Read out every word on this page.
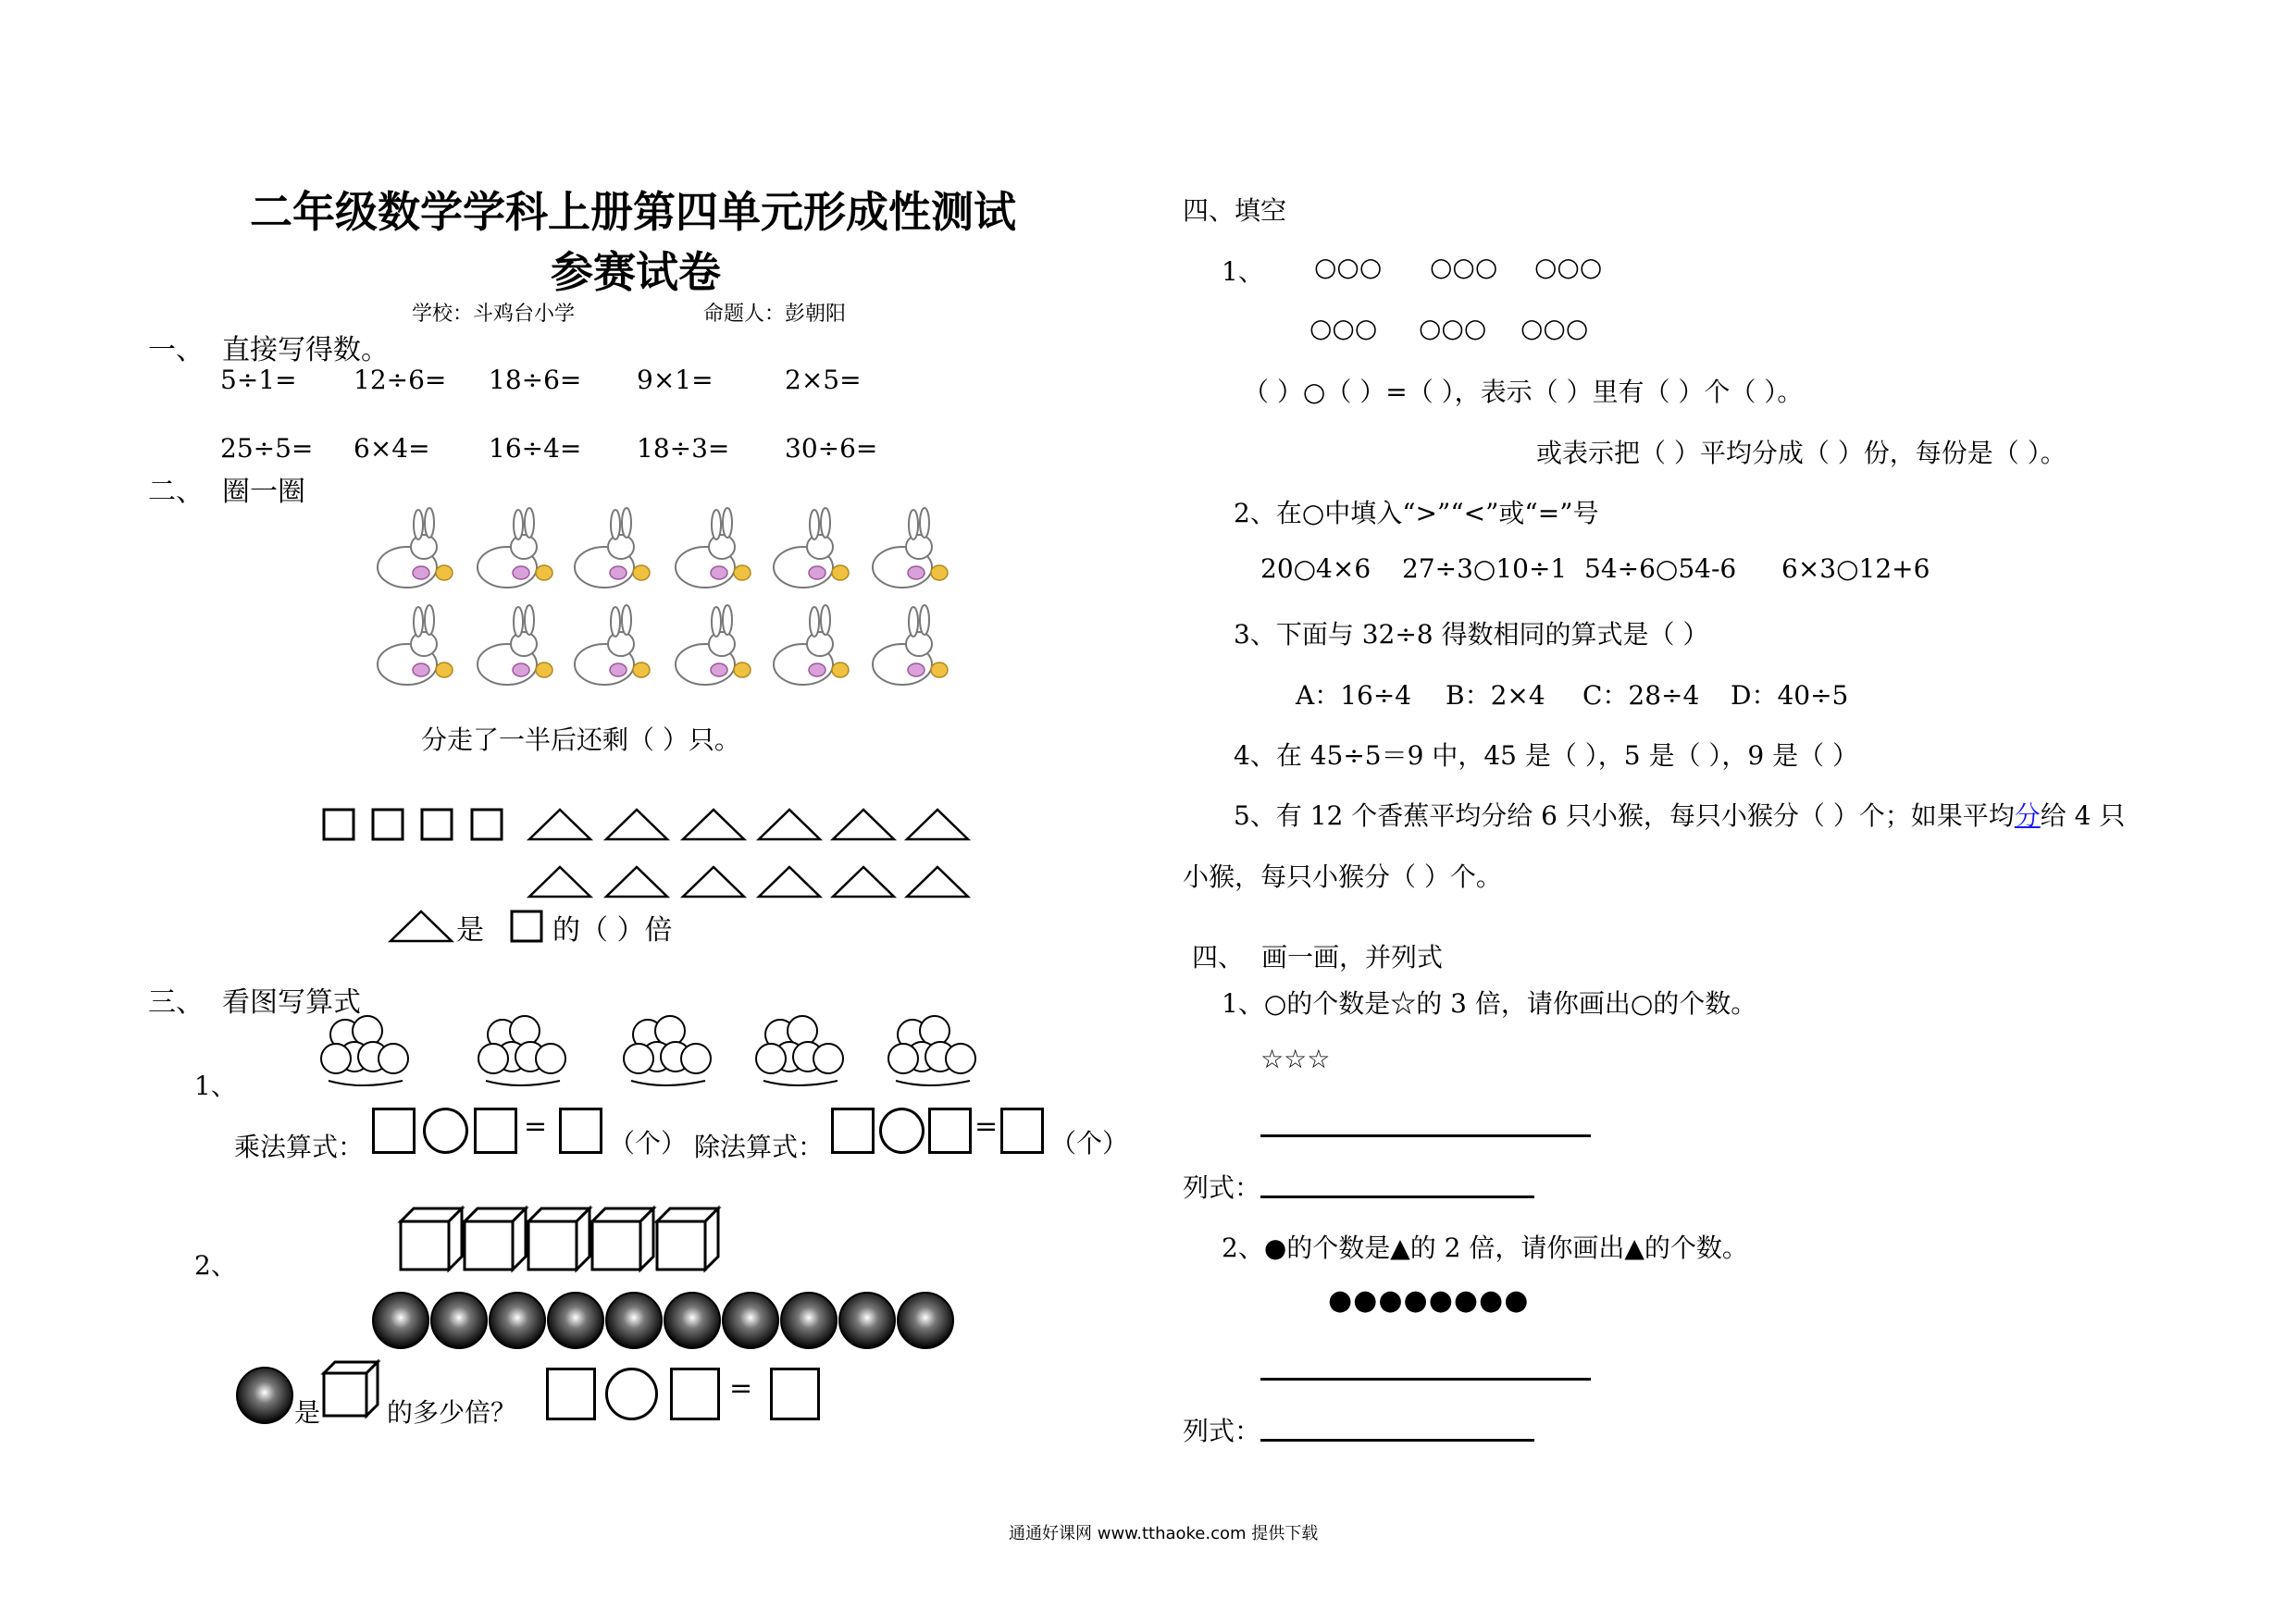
二年级数学学科上册第四单元形成性测试
参赛试卷
学校：斗鸡台小学	命题人：彭朝阳
一、 直接写得数。
5÷1= 12÷6= 18÷6= 9×1=	2×5=
25÷5= 6×4= 16÷4= 18÷3= 30÷6=
二、 圈一圈
分走了一半后还剩（ ）只。
是 的（ ）倍
三、 看图写算式
1、
乘法算式：
=
（个） 除法算式：
=
（个）
2、
是	的多少倍？
=
四、填空
1、 ○○○ ○○○ ○○○
○○○ ○○○ ○○○
（ ）○（ ）=（ ），表示（ ）里有（ ）个（ ）。
或表示把（ ）平均分成（ ）份，每份是（ ）。
2、在○中填入“>”“<”或“=”号
20○4×6 27÷3○10÷1 54÷6○54-6 6×3○12+6
3、下面与 32÷8 得数相同的算式是（ ）
A：16÷4 B：2×4 C：28÷4 D：40÷5
4、在 45÷5＝9 中，45 是（ ），5 是（ ），9 是（ ）
5、有 12 个香蕉平均分给 6 只小猴，每只小猴分（ ）个；如果平均分给 4 只
小猴，每只小猴分（ ）个。
四、 画一画，并列式
1、○的个数是☆的 3 倍，请你画出○的个数。
☆☆☆
列式：
2、●的个数是▲的 2 倍，请你画出▲的个数。
●●●●●●●●
列式：
通通好课网 www.tthaoke.com 提供下载
